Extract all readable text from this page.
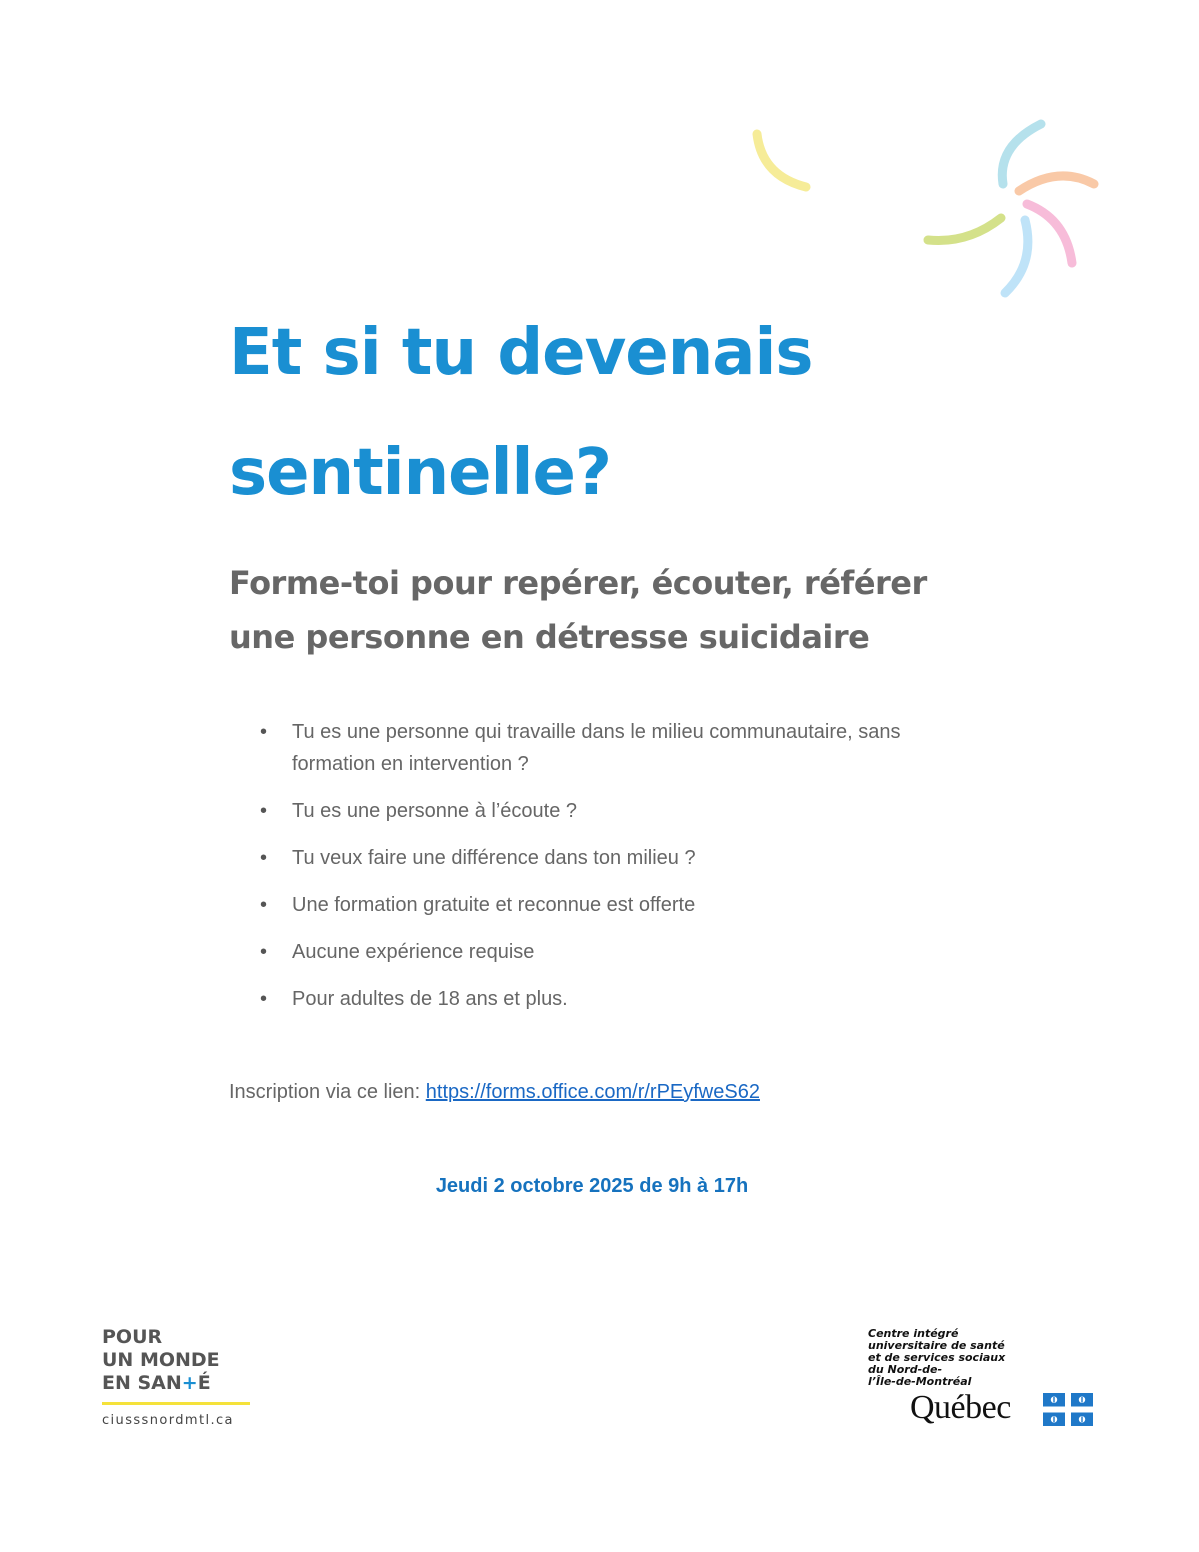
Et si tu devenais
sentinelle?
Forme-toi pour repérer, écouter, référer
une personne en détresse suicidaire
• Tu es une personne qui travaille dans le milieu communautaire, sans formation en intervention ?
• Tu es une personne à l’écoute ?
• Tu veux faire une différence dans ton milieu ?
• Une formation gratuite et reconnue est offerte
• Aucune expérience requise
• Pour adultes de 18 ans et plus.
Inscription via ce lien: https://forms.office.com/r/rPEyfweS62
Jeudi 2 octobre 2025 de 9h à 17h
POUR
UN MONDE
EN SAN+É
ciusssnordmtl.ca
Centre intégré
universitaire de santé
et de services sociaux
du Nord-de-
l’Île-de-Montréal
Québec
